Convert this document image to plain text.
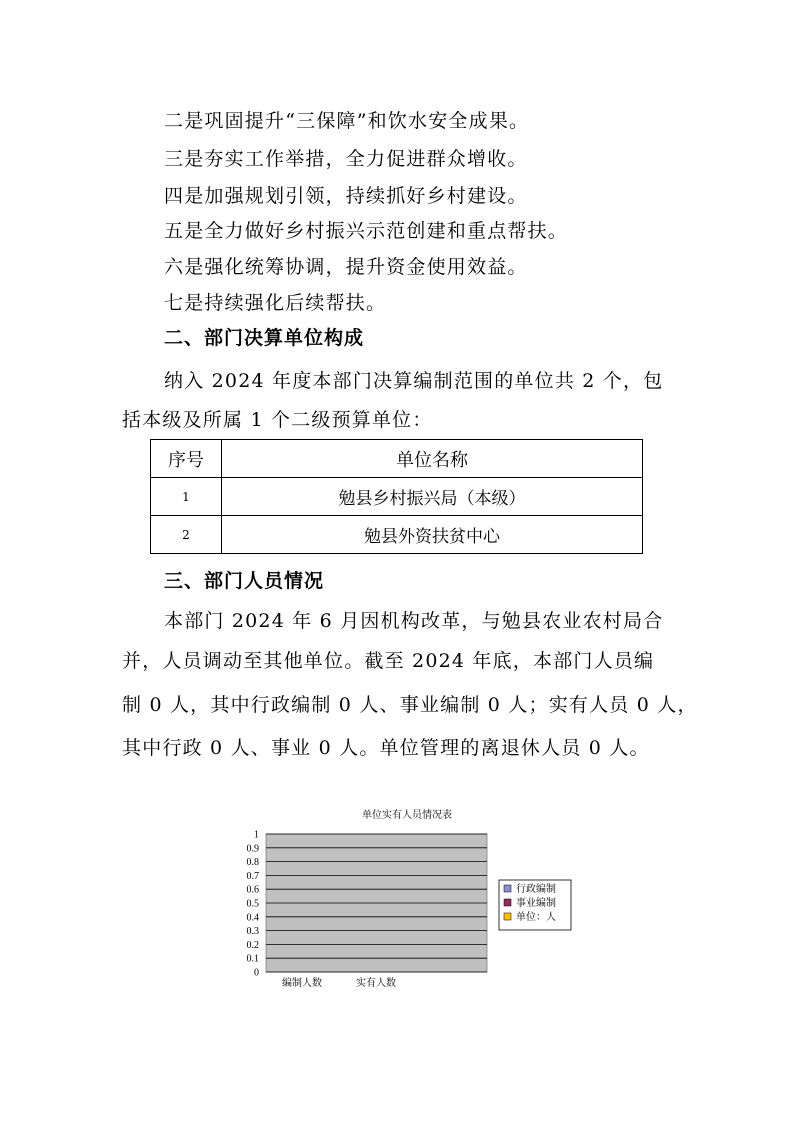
二是巩固提升“三保障”和饮水安全成果。
三是夯实工作举措，全力促进群众增收。
四是加强规划引领，持续抓好乡村建设。
五是全力做好乡村振兴示范创建和重点帮扶。
六是强化统筹协调，提升资金使用效益。
七是持续强化后续帮扶。
二、部门决算单位构成
纳入 2024 年度本部门决算编制范围的单位共 2 个，包
括本级及所属 1 个二级预算单位：
序号	单位名称
1	勉县乡村振兴局（本级）
2	勉县外资扶贫中心
三、部门人员情况
本部门 2024 年 6 月因机构改革，与勉县农业农村局合
并，人员调动至其他单位。截至 2024 年底，本部门人员编
制 0 人，其中行政编制 0 人、事业编制 0 人；实有人员 0 人，
其中行政 0 人、事业 0 人。单位管理的离退休人员 0 人。
单位实有人员情况表
0
0.1
0.2
0.3
0.4
0.5
0.6
0.7
0.8
0.9
1
编制人数	实有人数
行政编制
事业编制
单位：人
